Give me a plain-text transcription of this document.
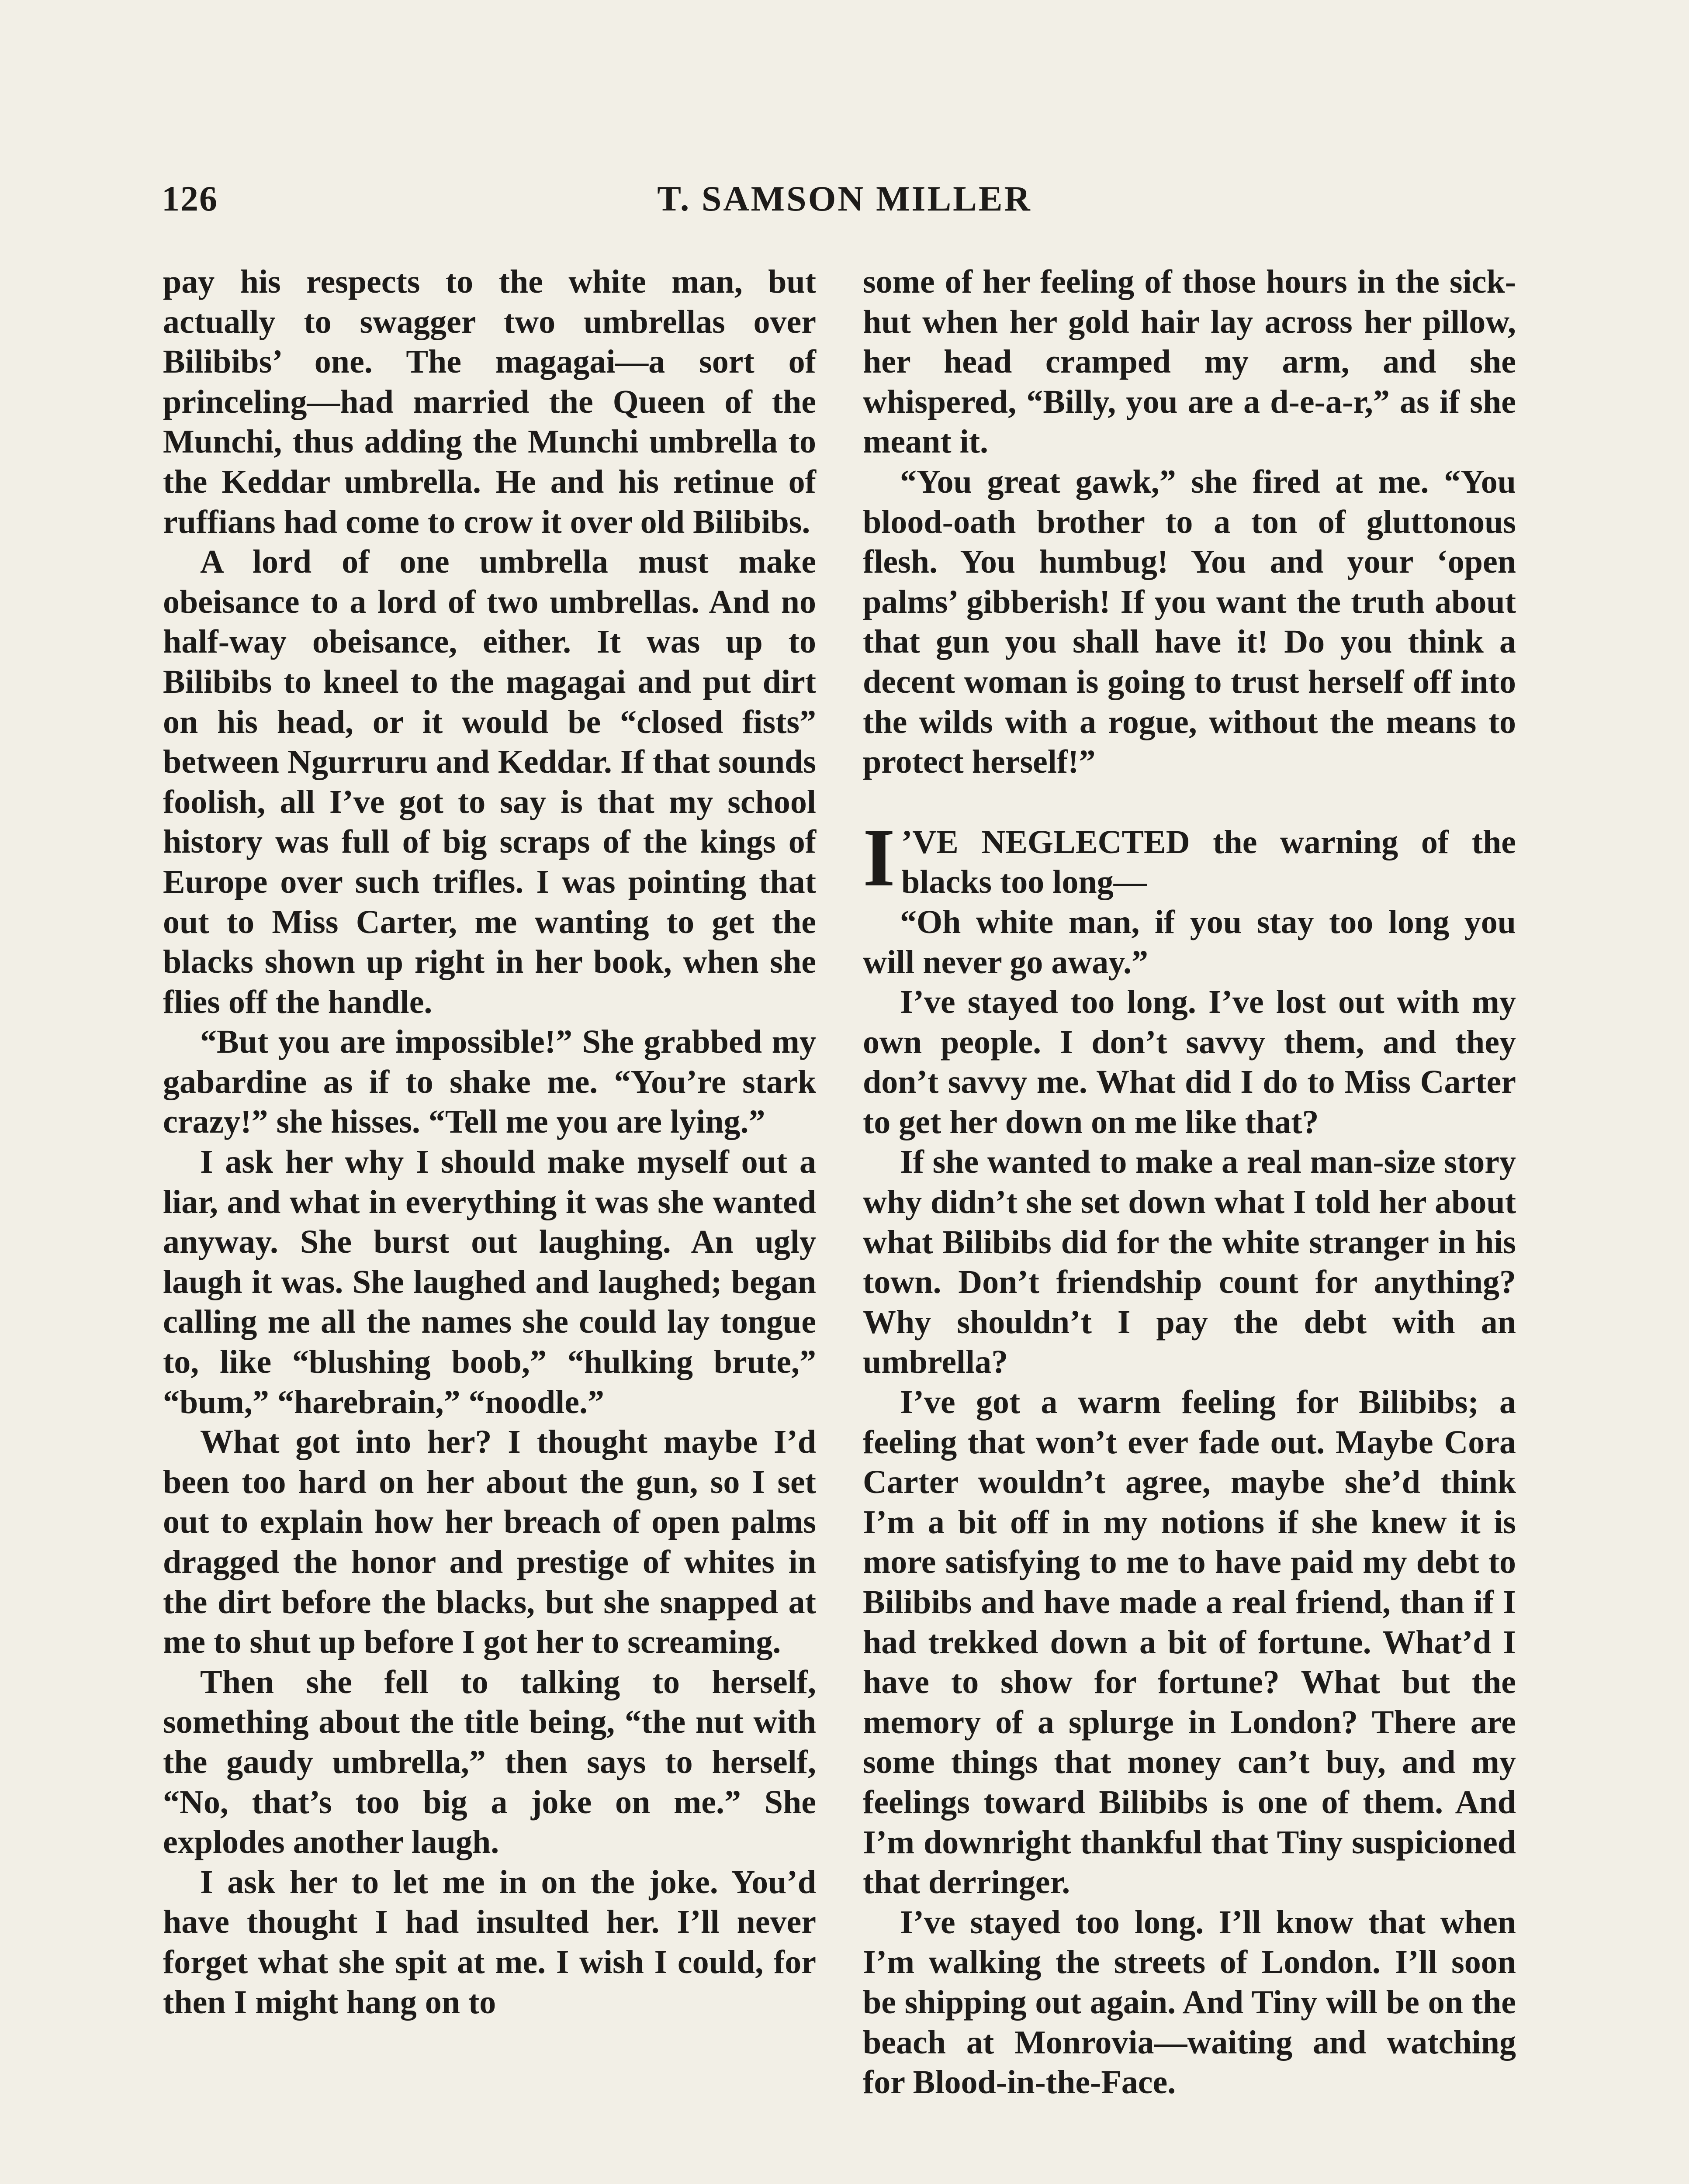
126	T. SAMSON MILLER

pay his respects to the white man, but actually to swagger two umbrellas over Bilibibs’ one. The magagai—a sort of princeling—had married the Queen of the Munchi, thus adding the Munchi umbrella to the Keddar umbrella. He and his retinue of ruffians had come to crow it over old Bilibibs.

A lord of one umbrella must make obeisance to a lord of two umbrellas. And no half-way obeisance, either. It was up to Bilibibs to kneel to the magagai and put dirt on his head, or it would be “closed fists” between Ngurruru and Keddar. If that sounds foolish, all I’ve got to say is that my school history was full of big scraps of the kings of Europe over such trifles. I was pointing that out to Miss Carter, me wanting to get the blacks shown up right in her book, when she flies off the handle.

“But you are impossible!” She grabbed my gabardine as if to shake me. “You’re stark crazy!” she hisses. “Tell me you are lying.”

I ask her why I should make myself out a liar, and what in everything it was she wanted anyway. She burst out laughing. An ugly laugh it was. She laughed and laughed; began calling me all the names she could lay tongue to, like “blushing boob,” “hulking brute,” “bum,” “harebrain,” “noodle.”

What got into her? I thought maybe I’d been too hard on her about the gun, so I set out to explain how her breach of open palms dragged the honor and prestige of whites in the dirt before the blacks, but she snapped at me to shut up before I got her to screaming.

Then she fell to talking to herself, something about the title being, “the nut with the gaudy umbrella,” then says to herself, “No, that’s too big a joke on me.” She explodes another laugh.

I ask her to let me in on the joke. You’d have thought I had insulted her. I’ll never forget what she spit at me. I wish I could, for then I might hang on to

some of her feeling of those hours in the sick-hut when her gold hair lay across her pillow, her head cramped my arm, and she whispered, “Billy, you are a d-e-a-r,” as if she meant it.

“You great gawk,” she fired at me. “You blood-oath brother to a ton of gluttonous flesh. You humbug! You and your ‘open palms’ gibberish! If you want the truth about that gun you shall have it! Do you think a decent woman is going to trust herself off into the wilds with a rogue, without the means to protect herself!”

I ’VE NEGLECTED the warning of the blacks too long—

“Oh white man, if you stay too long you will never go away.”

I’ve stayed too long. I’ve lost out with my own people. I don’t savvy them, and they don’t savvy me. What did I do to Miss Carter to get her down on me like that?

If she wanted to make a real man-size story why didn’t she set down what I told her about what Bilibibs did for the white stranger in his town. Don’t friendship count for anything? Why shouldn’t I pay the debt with an umbrella?

I’ve got a warm feeling for Bilibibs; a feeling that won’t ever fade out. Maybe Cora Carter wouldn’t agree, maybe she’d think I’m a bit off in my notions if she knew it is more satisfying to me to have paid my debt to Bilibibs and have made a real friend, than if I had trekked down a bit of fortune. What’d I have to show for fortune? What but the memory of a splurge in London? There are some things that money can’t buy, and my feelings toward Bilibibs is one of them. And I’m downright thankful that Tiny suspicioned that derringer.

I’ve stayed too long. I’ll know that when I’m walking the streets of London. I’ll soon be shipping out again. And Tiny will be on the beach at Monrovia—waiting and watching for Blood-in-the-Face.
